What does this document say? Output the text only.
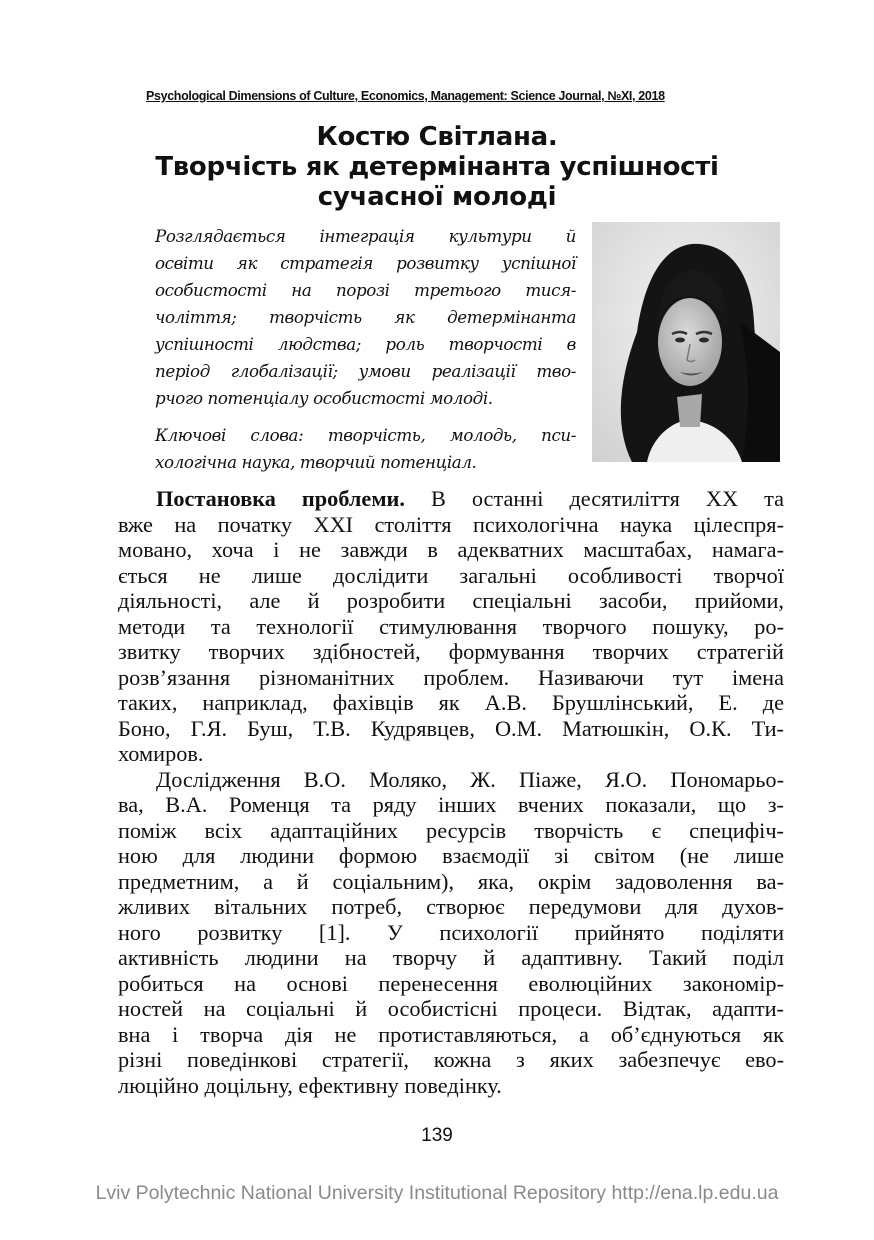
Psychological Dimensions of Culture, Economics, Management: Science Journal, №XI, 2018
Костю Світлана.
Творчість як детермінанта успішності
сучасної молоді
Розглядається інтеграція культури й
освіти як стратегія розвитку успішної
особистості на порозі третього тися-
чоліття; творчість як детермінанта
успішності людства; роль творчості в
період глобалізації; умови реалізації тво-
рчого потенціалу особистості молоді.
Ключові слова: творчість, молодь, пси-
хологічна наука, творчий потенціал.
Постановка проблеми. В останні десятиліття XX та
вже на початку XXI століття психологічна наука цілеспря-
мовано, хоча і не завжди в адекватних масштабах, намага-
ється не лише дослідити загальні особливості творчої
діяльності, але й розробити спеціальні засоби, прийоми,
методи та технології стимулювання творчого пошуку, ро-
звитку творчих здібностей, формування творчих стратегій
розв’язання різноманітних проблем. Називаючи тут імена
таких, наприклад, фахівців як А.В. Брушлінський, Е. де
Боно, Г.Я. Буш, Т.В. Кудрявцев, О.М. Матюшкін, О.К. Ти-
хомиров.
Дослідження В.О. Моляко, Ж. Піаже, Я.О. Пономарьо-
ва, В.А. Роменця та ряду інших вчених показали, що з-
поміж всіх адаптаційних ресурсів творчість є специфіч-
ною для людини формою взаємодії зі світом (не лише
предметним, а й соціальним), яка, окрім задоволення ва-
жливих вітальних потреб, створює передумови для духов-
ного розвитку [1]. У психології прийнято поділяти
активність людини на творчу й адаптивну. Такий поділ
робиться на основі перенесення еволюційних закономір-
ностей на соціальні й особистісні процеси. Відтак, адапти-
вна і творча дія не протиставляються, а об’єднуються як
різні поведінкові стратегії, кожна з яких забезпечує ево-
люційно доцільну, ефективну поведінку.
139
Lviv Polytechnic National University Institutional Repository http://ena.lp.edu.ua
